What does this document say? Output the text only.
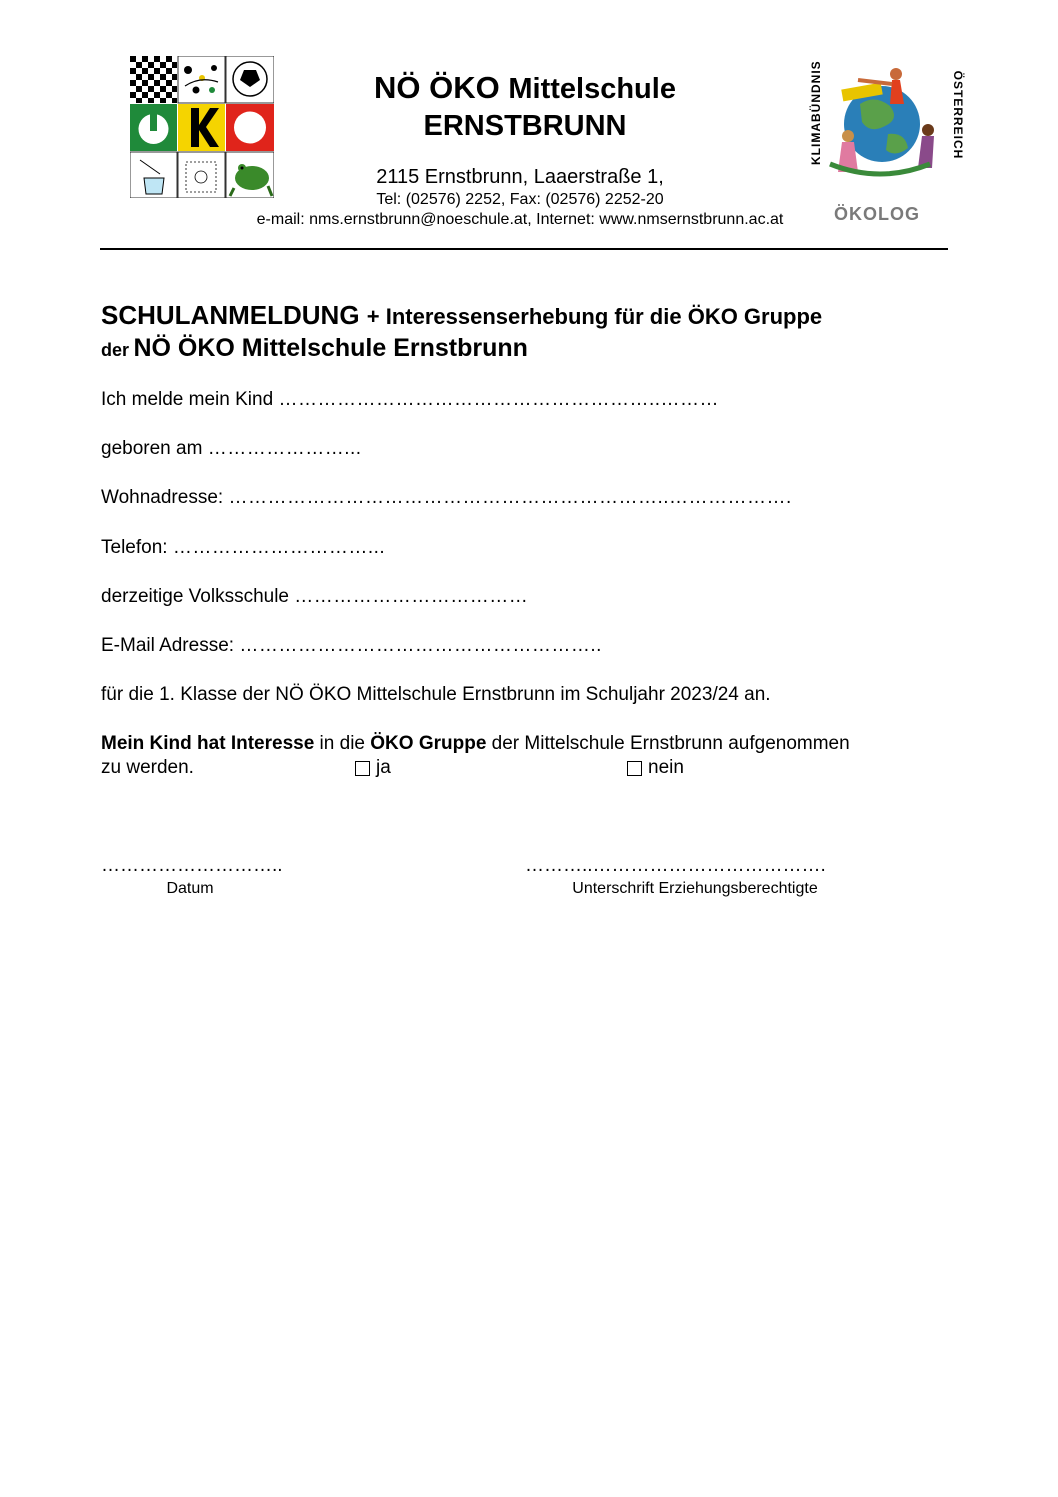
NÖ ÖKO Mittelschule
ERNSTBRUNN
2115 Ernstbrunn, Laaerstraße 1,
Tel: (02576) 2252, Fax: (02576) 2252-20
e-mail: nms.ernstbrunn@noeschule.at, Internet: www.nmsernstbrunn.ac.at
KLIMABÜNDNIS	ÖSTERREICH
ÖKOLOG
SCHULANMELDUNG + Interessenserhebung für die ÖKO Gruppe
der NÖ ÖKO Mittelschule Ernstbrunn
Ich melde mein Kind …………………………………………………..………
geboren am …………………...
Wohnadresse: …………………………………………………………..……………….
Telefon: …………………………...
derzeitige Volksschule ………………………………
E-Mail Adresse: ………………………………………………..
für die 1. Klasse der NÖ ÖKO Mittelschule Ernstbrunn im Schuljahr 2023/24 an.
Mein Kind hat Interesse in die ÖKO Gruppe der Mittelschule Ernstbrunn aufgenommen
zu werden.	ja	nein
………………………..
Datum
………..……………………………….
Unterschrift Erziehungsberechtigte
